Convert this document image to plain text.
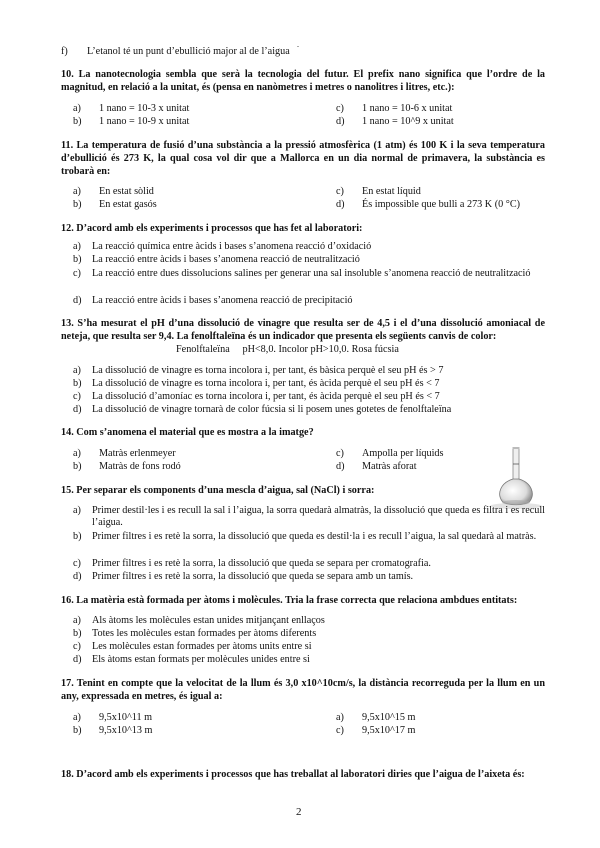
f) L’etanol té un punt d’ebullició major al de l’aigua -
10. La nanotecnologia sembla que serà la tecnologia del futur. El prefix nano significa que l’ordre de la magnitud, en relació a la unitat, és (pensa en nanòmetres i metres o nanolitres i litres, etc.):
a) 1 nano = 10-3 x unitat	c) 1 nano = 10-6 x unitat
b) 1 nano = 10-9 x unitat	d) 1 nano = 10^9 x unitat
11. La temperatura de fusió d’una substància a la pressió atmosfèrica (1 atm) és 100 K i la seva temperatura d’ebullició és 273 K, la qual cosa vol dir que a Mallorca en un dia normal de primavera, la substància es trobarà en:
a) En estat sòlid	c) En estat líquid
b) En estat gasós	d) És impossible que bulli a 273 K (0 °C)
12. D’acord amb els experiments i processos que has fet al laboratori:
a) La reacció química entre àcids i bases s’anomena reacció d’oxidació
b) La reacció entre àcids i bases s’anomena reacció de neutralització
c) La reacció entre dues dissolucions salines per generar una sal insoluble s’anomena reacció de neutralització
d) La reacció entre àcids i bases s’anomena reacció de precipitació
13. S’ha mesurat el pH d’una dissolució de vinagre que resulta ser de 4,5 i el d’una dissolució amoniacal de neteja, que resulta ser 9,4. La fenolftaleïna és un indicador que presenta els següents canvis de color:
Fenolftaleïna     pH<8,0. Incolor pH>10,0. Rosa fúcsia
a) La dissolució de vinagre es torna incolora i, per tant, és bàsica perquè el seu pH és > 7
b) La dissolució de vinagre es torna incolora i, per tant, és àcida perquè el seu pH és < 7
c) La dissolució d’amoníac es torna incolora i, per tant, és àcida perquè el seu pH és < 7
d) La dissolució de vinagre tornarà de color fúcsia si li posem unes gotetes de fenolftaleïna
14. Com s’anomena el material que es mostra a la imatge?
a) Matràs erlenmeyer	c) Ampolla per líquids
b) Matràs de fons rodó	d) Matràs aforat
15. Per separar els components d’una mescla d’aigua, sal (NaCl) i sorra:
a) Primer destil·les i es recull la sal i l’aigua, la sorra quedarà almatràs, la dissolució que queda es filtra i es recull l’aigua.
b) Primer filtres i es retè la sorra, la dissolució que queda es destil·la i es recull l’aigua, la sal quedarà al matràs.
c) Primer filtres i es retè la sorra, la dissolució que queda se separa per cromatografia.
d) Primer filtres i es retè la sorra, la dissolució que queda se separa amb un tamís.
16. La matèria està formada per àtoms i molècules. Tria la frase correcta que relaciona ambdues entitats:
a) Als àtoms les molècules estan unides mitjançant enllaços
b) Totes les molècules estan formades per àtoms diferents
c) Les molècules estan formades per àtoms units entre si
d) Els àtoms estan formats per molècules unides entre si
17. Tenint en compte que la velocitat de la llum és 3,0 x10^10cm/s, la distància recorreguda per la llum en un any, expressada en metres, és igual a:
a) 9,5x10^11 m	a) 9,5x10^15 m
b) 9,5x10^13 m	c) 9,5x10^17 m
18. D’acord amb els experiments i processos que has treballat al laboratori diries que l’aigua de l’aixeta és:
2
